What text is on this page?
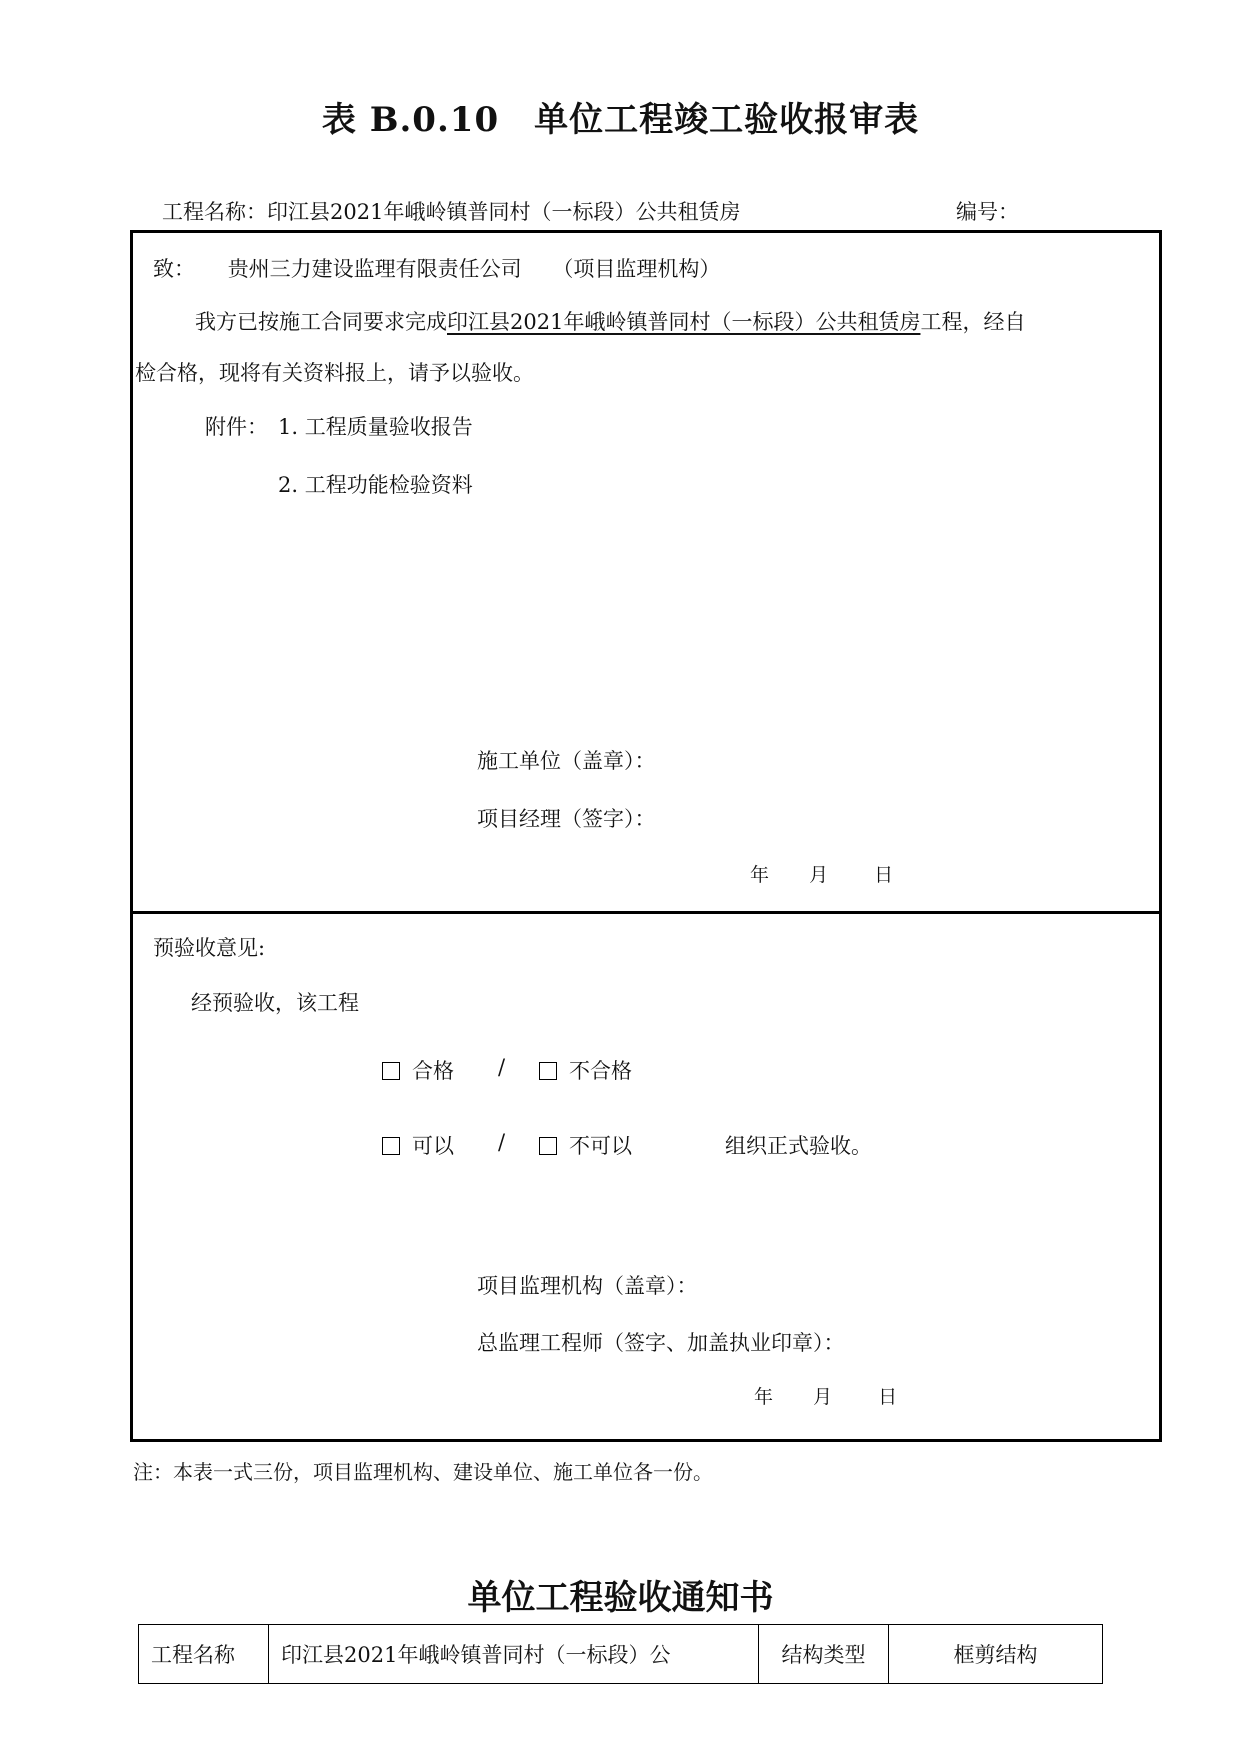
表 B.0.10　单位工程竣工验收报审表
工程名称：印江县2021年峨岭镇普同村（一标段）公共租赁房	编号：
致： 贵州三力建设监理有限责任公司 （项目监理机构）
我方已按施工合同要求完成印江县2021年峨岭镇普同村（一标段）公共租赁房工程，经自
检合格，现将有关资料报上，请予以验收。
附件： 1. 工程质量验收报告
2. 工程功能检验资料
施工单位（盖章）：
项目经理（签字）：
年 月 日
预验收意见:
经预验收，该工程
合格 /	不合格
可以 /	不可以	组织正式验收。
项目监理机构（盖章）：
总监理工程师（签字、加盖执业印章）：
年 月 日
注：本表一式三份，项目监理机构、建设单位、施工单位各一份。
单位工程验收通知书
工程名称	印江县2021年峨岭镇普同村（一标段）公	结构类型	框剪结构
